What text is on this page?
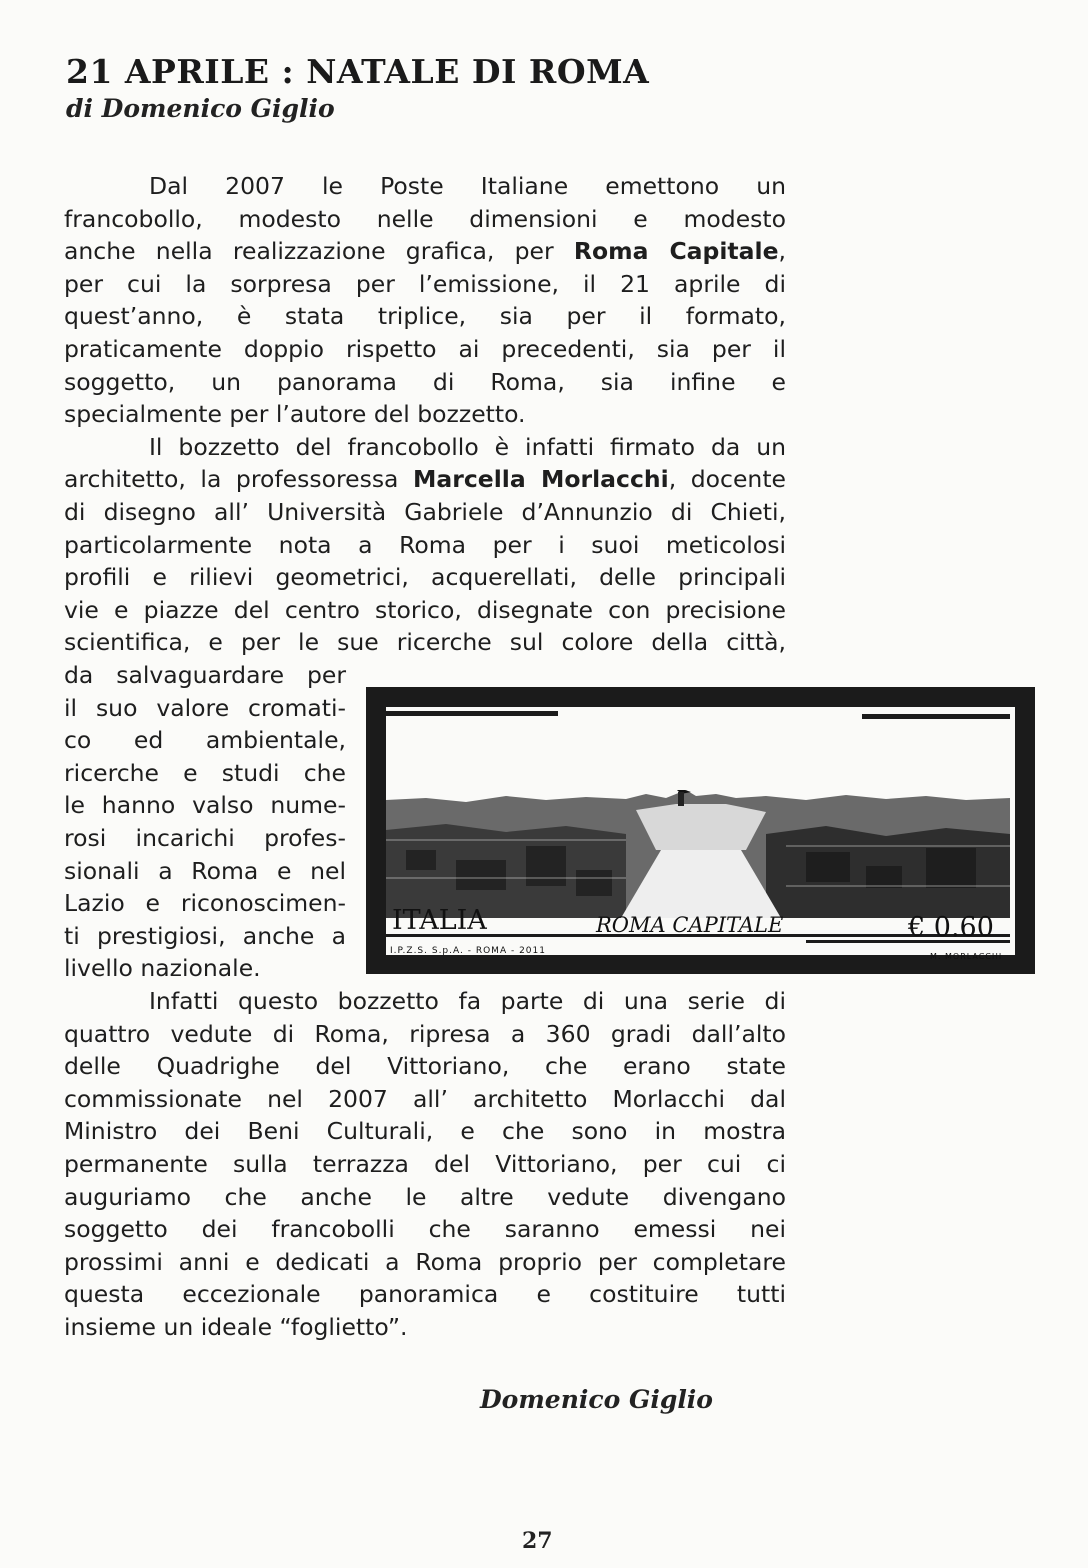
21 APRILE : NATALE DI ROMA
di Domenico Giglio
Dal 2007 le Poste Italiane emettono un
francobollo, modesto nelle dimensioni e modesto
anche nella realizzazione grafica, per Roma Capitale,
per cui la sorpresa per l’emissione, il 21 aprile di
quest’anno, è stata triplice, sia per il formato,
praticamente doppio rispetto ai precedenti, sia per il
soggetto, un panorama di Roma, sia infine e
specialmente per l’autore del bozzetto.
Il bozzetto del francobollo è infatti firmato da un
architetto, la professoressa Marcella Morlacchi, docente
di disegno all’ Università Gabriele d’Annunzio di Chieti,
particolarmente nota a Roma per i suoi meticolosi
profili e rilievi geometrici, acquerellati, delle principali
vie e piazze del centro storico, disegnate con precisione
scientifica, e per le sue ricerche sul colore della città,
da salvaguardare per
il suo valore cromati-
co ed ambientale,
ricerche e studi che
le hanno valso nume-
rosi incarichi profes-
sionali a Roma e nel
Lazio e riconoscimen-
ti prestigiosi, anche a
livello nazionale.
Infatti questo bozzetto fa parte di una serie di
quattro vedute di Roma, ripresa a 360 gradi dall’alto
delle Quadrighe del Vittoriano, che erano state
commissionate nel 2007 all’ architetto Morlacchi dal
Ministro dei Beni Culturali, e che sono in mostra
permanente sulla terrazza del Vittoriano, per cui ci
auguriamo che anche le altre vedute divengano
soggetto dei francobolli che saranno emessi nei
prossimi anni e dedicati a Roma proprio per completare
questa eccezionale panoramica e costituire tutti
insieme un ideale “foglietto”.
ITALIA	ROMA CAPITALE	€ 0.60
I.P.Z.S. S.p.A. - ROMA - 2011
M. MORLACCHI
Domenico Giglio
27
